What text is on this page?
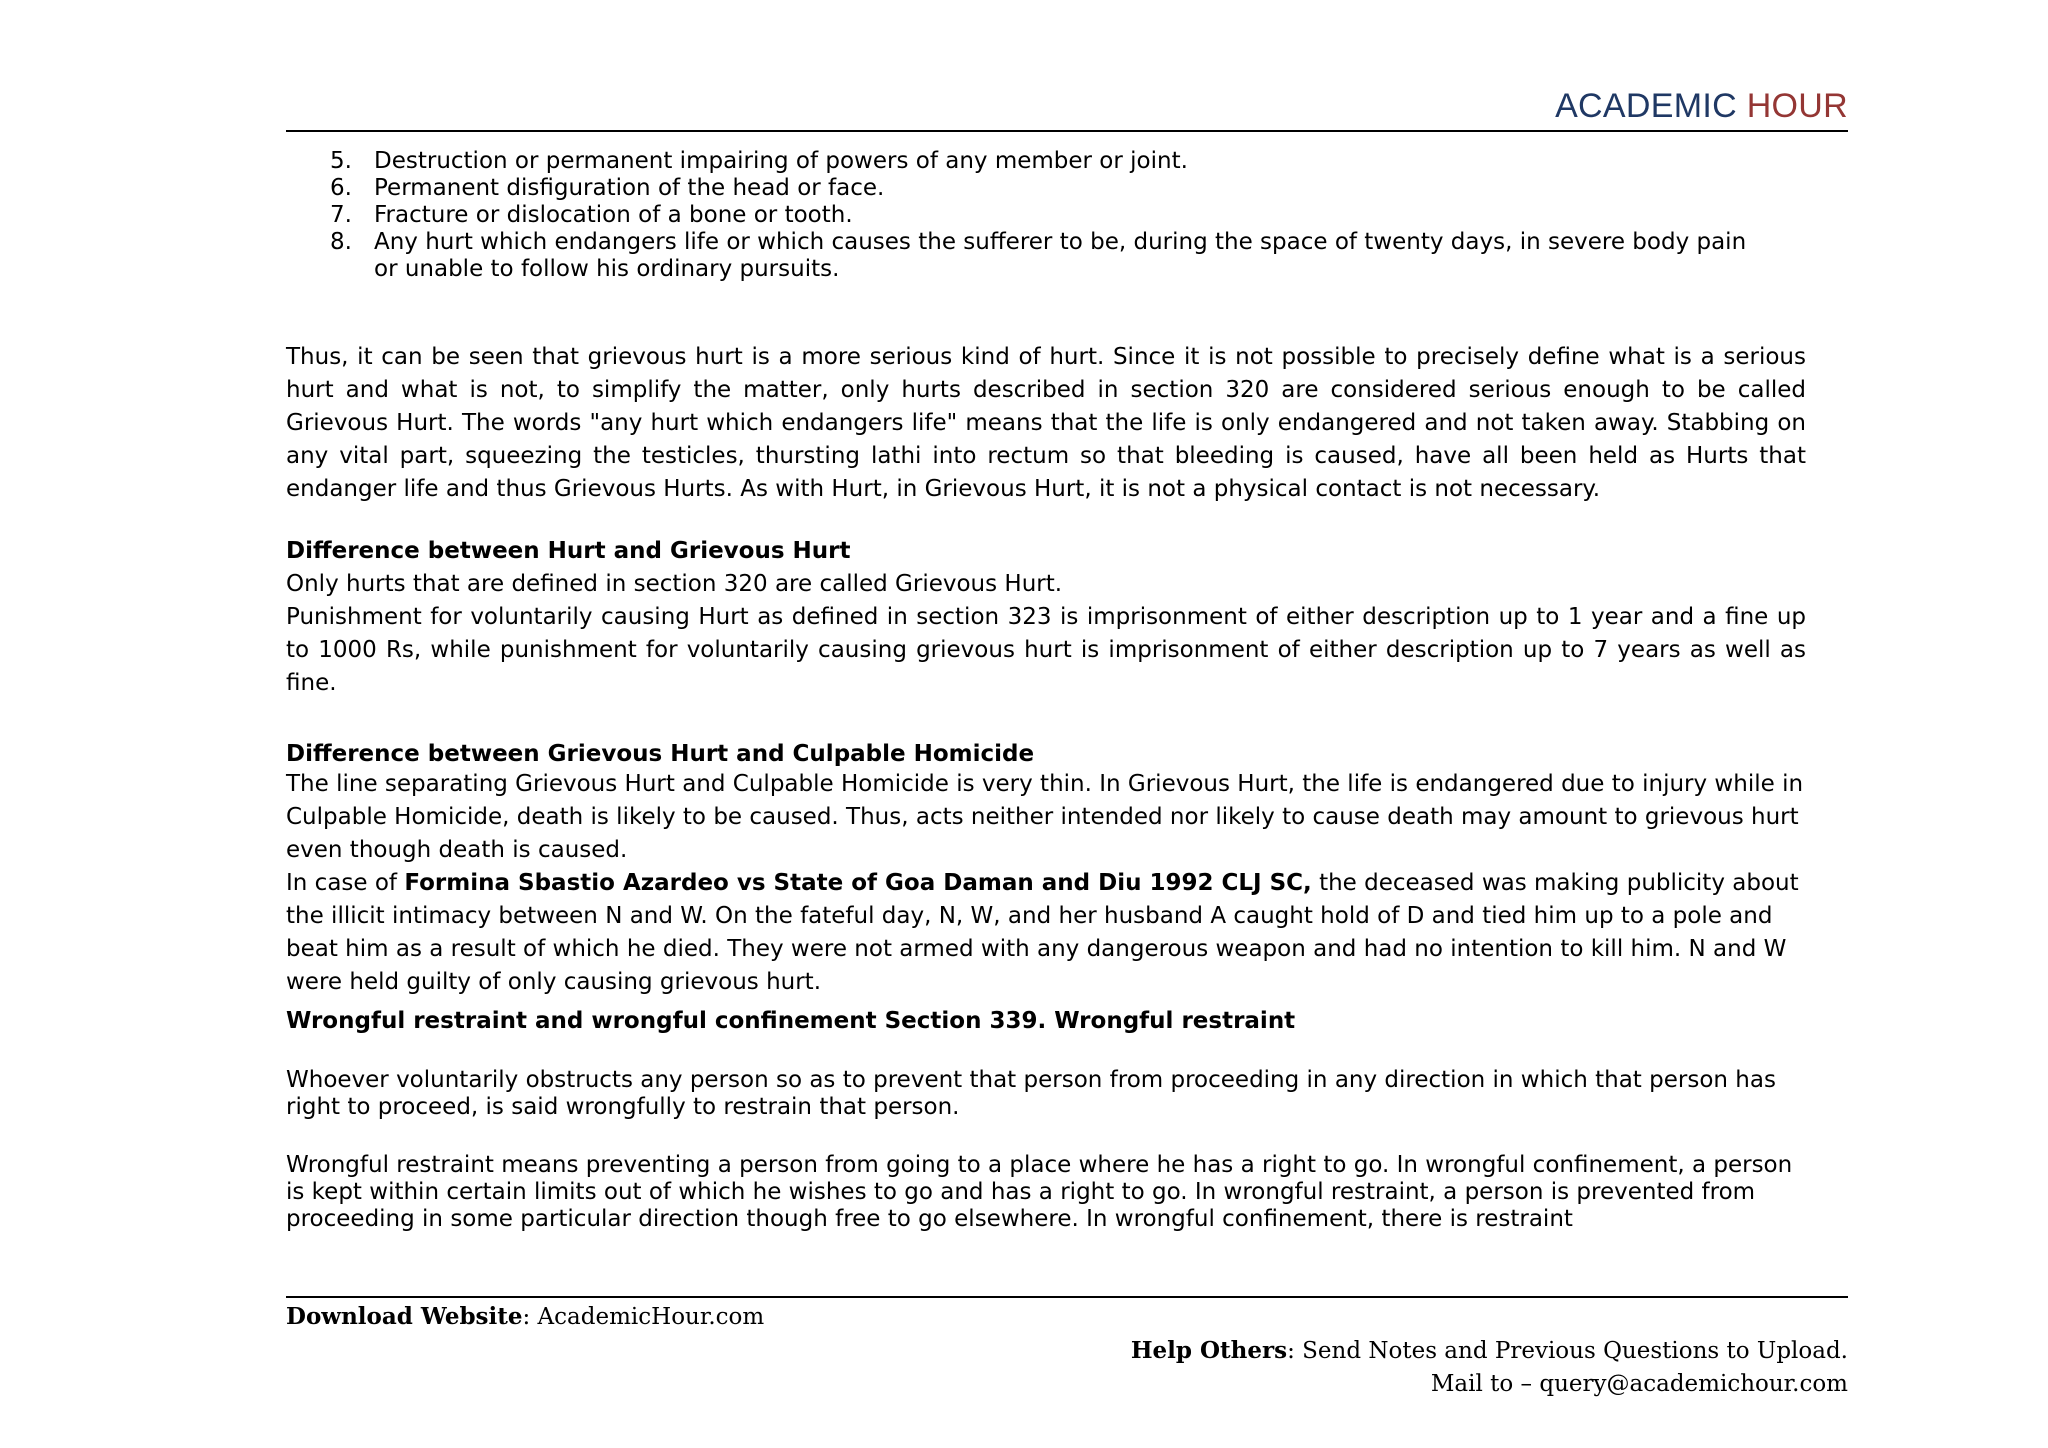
ACADEMIC HOUR
5. Destruction or permanent impairing of powers of any member or joint.
6. Permanent disfiguration of the head or face.
7. Fracture or dislocation of a bone or tooth.
8. Any hurt which endangers life or which causes the sufferer to be, during the space of twenty days, in severe body pain or unable to follow his ordinary pursuits.

Thus, it can be seen that grievous hurt is a more serious kind of hurt. Since it is not possible to precisely define what is a serious hurt and what is not, to simplify the matter, only hurts described in section 320 are considered serious enough to be called Grievous Hurt. The words "any hurt which endangers life" means that the life is only endangered and not taken away. Stabbing on any vital part, squeezing the testicles, thursting lathi into rectum so that bleeding is caused, have all been held as Hurts that endanger life and thus Grievous Hurts. As with Hurt, in Grievous Hurt, it is not a physical contact is not necessary.

Difference between Hurt and Grievous Hurt

Only hurts that are defined in section 320 are called Grievous Hurt.

Punishment for voluntarily causing Hurt as defined in section 323 is imprisonment of either description up to 1 year and a fine up to 1000 Rs, while punishment for voluntarily causing grievous hurt is imprisonment of either description up to 7 years as well as fine.

Difference between Grievous Hurt and Culpable Homicide

The line separating Grievous Hurt and Culpable Homicide is very thin. In Grievous Hurt, the life is endangered due to injury while in Culpable Homicide, death is likely to be caused. Thus, acts neither intended nor likely to cause death may amount to grievous hurt even though death is caused.

In case of Formina Sbastio Azardeo vs State of Goa Daman and Diu 1992 CLJ SC, the deceased was making publicity about the illicit intimacy between N and W. On the fateful day, N, W, and her husband A caught hold of D and tied him up to a pole and beat him as a result of which he died. They were not armed with any dangerous weapon and had no intention to kill him. N and W were held guilty of only causing grievous hurt.

Wrongful restraint and wrongful confinement Section 339. Wrongful restraint

Whoever voluntarily obstructs any person so as to prevent that person from proceeding in any direction in which that person has right to proceed, is said wrongfully to restrain that person.

Wrongful restraint means preventing a person from going to a place where he has a right to go. In wrongful confinement, a person is kept within certain limits out of which he wishes to go and has a right to go. In wrongful restraint, a person is prevented from proceeding in some particular direction though free to go elsewhere. In wrongful confinement, there is restraint

Download Website: AcademicHour.com
Help Others: Send Notes and Previous Questions to Upload.
Mail to – query@academichour.com
